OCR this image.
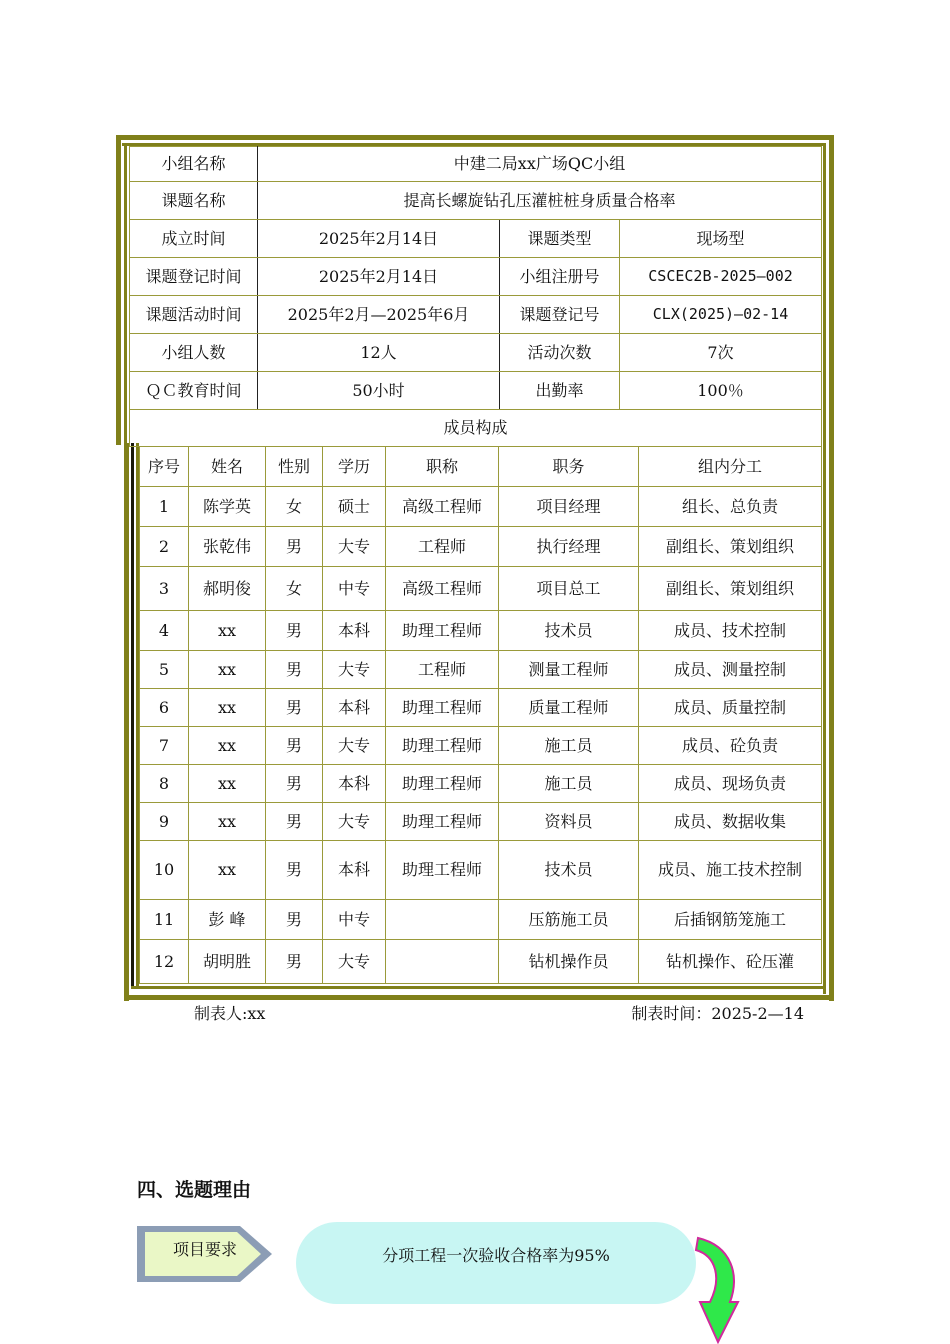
小组名称	中建二局xx广场QC小组		
课题名称	提高长螺旋钻孔压灌桩桩身质量合格率		
成立时间	2025年2月14日	课题类型	现场型
课题登记时间	2025年2月14日	小组注册号	CSCEC2B-2025—002
课题活动时间	2025年2月—2025年6月	课题登记号	CLX(2025)—02-14
小组人数	12人	活动次数	7次
ＱＣ教育时间	50小时	出勤率	100％
成员构成			
序号	姓名	性别	学历	职称	职务	组内分工
1	陈学英	女	硕士	高级工程师	项目经理	组长、总负责
2	张乾伟	男	大专	工程师	执行经理	副组长、策划组织
3	郝明俊	女	中专	高级工程师	项目总工	副组长、策划组织
4	xx	男	本科	助理工程师	技术员	成员、技术控制
5	xx	男	大专	工程师	测量工程师	成员、测量控制
6	xx	男	本科	助理工程师	质量工程师	成员、质量控制
7	xx	男	大专	助理工程师	施工员	成员、砼负责
8	xx	男	本科	助理工程师	施工员	成员、现场负责
9	xx	男	大专	助理工程师	资料员	成员、数据收集
10	xx	男	本科	助理工程师	技术员	成员、施工技术控制
11	彭 峰	男	中专		压筋施工员	后插钢筋笼施工
12	胡明胜	男	大专		钻机操作员	钻机操作、砼压灌
制表人:xx	制表时间：2025-2—14
四、选题理由
项目要求	分项工程一次验收合格率为95%
